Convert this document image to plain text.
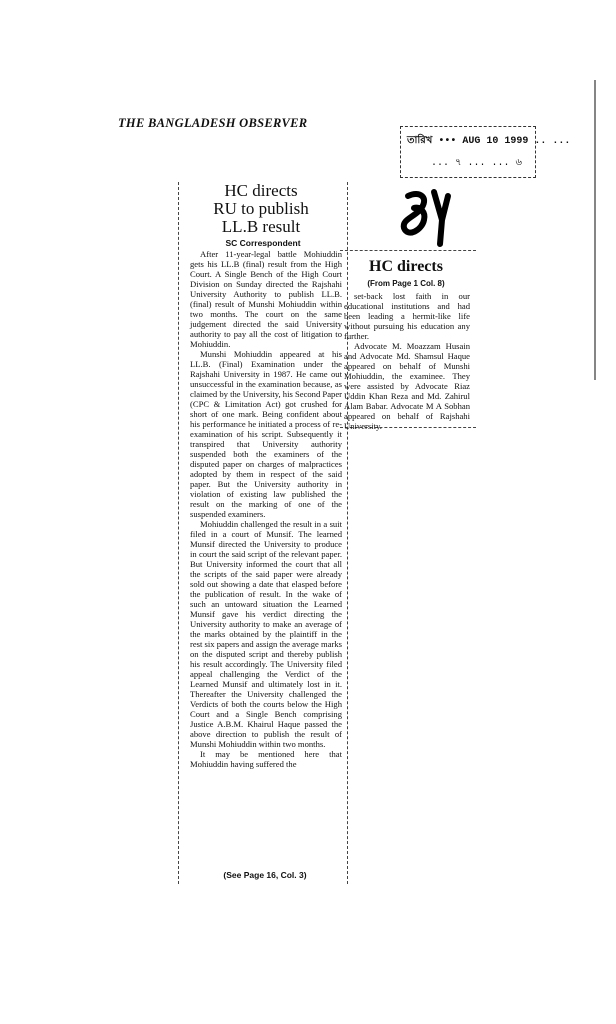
THE BANGLADESH OBSERVER
তারিখ ••• AUG 10 1999 .. ...
... ৭ ... ... ৬
HC directs
RU to publish
LL.B result
SC Correspondent

After 11-year-legal battle Mohiuddin gets his LL.B (final) result from the High Court. A Single Bench of the High Court Division on Sunday directed the Rajshahi University Authority to publish LL.B. (final) result of Munshi Mohiuddin within two months. The court on the same judgement directed the said University authority to pay all the cost of litigation to Mohiuddin.

Munshi Mohiuddin appeared at his LL.B. (Final) Examination under the Rajshahi University in 1987. He came out unsuccessful in the examination because, as claimed by the University, his Second Paper (CPC & Limitation Act) got crushed for short of one mark. Being confident about his performance he initiated a process of re-examination of his script. Subsequently it transpired that University authority suspended both the examiners of the disputed paper on charges of malpractices adopted by them in respect of the said paper. But the University authority in violation of existing law published the result on the marking of one of the suspended examiners.

Mohiuddin challenged the result in a suit filed in a court of Munsif. The learned Munsif directed the University to produce in court the said script of the relevant paper. But University informed the court that all the scripts of the said paper were already sold out showing a date that elasped before the publication of result. In the wake of such an untoward situation the Learned Munsif gave his verdict directing the University authority to make an average of the marks obtained by the plaintiff in the rest six papers and assign the average marks on the disputed script and thereby publish his result accordingly. The University filed appeal challenging the Verdict of the Learned Munsif and ultimately lost in it. Thereafter the University challenged the Verdicts of both the courts below the High Court and a Single Bench comprising Justice A.B.M. Khairul Haque passed the above direction to publish the result of Munshi Mohiuddin within two months.

It may be mentioned here that Mohiuddin having suffered the

(See Page 16, Col. 3)
HC directs
(From Page 1 Col. 8)

set-back lost faith in our educational institutions and had been leading a hermit-like life without pursuing his education any further.

Advocate M. Moazzam Husain and Advocate Md. Shamsul Haque appeared on behalf of Munshi Mohiuddin, the examinee. They were assisted by Advocate Riaz Uddin Khan Reza and Md. Zahirul Alam Babar. Advocate M A Sobhan appeared on behalf of Rajshahi University.
